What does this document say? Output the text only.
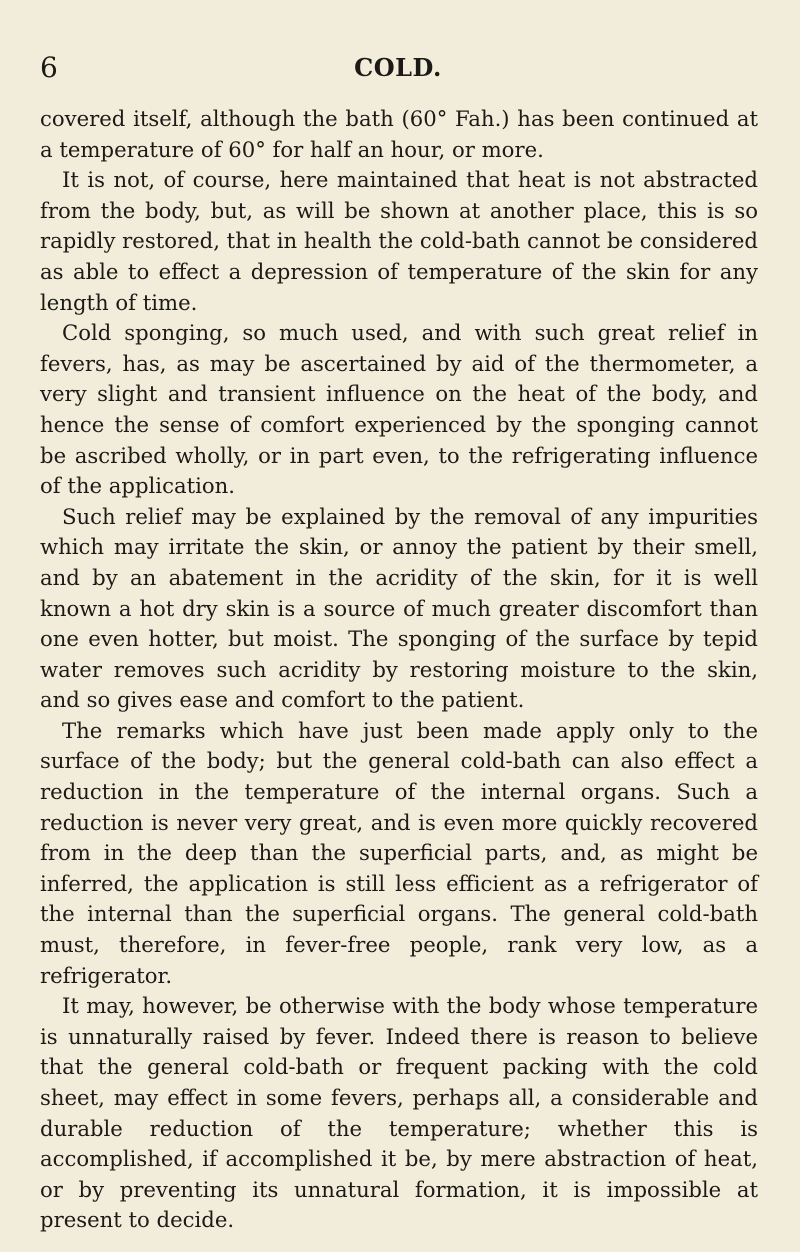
6	COLD.

covered itself, although the bath (60° Fah.) has been continued at a temperature of 60° for half an hour, or more.

It is not, of course, here maintained that heat is not abstracted from the body, but, as will be shown at another place, this is so rapidly restored, that in health the cold-bath cannot be considered as able to effect a depression of temperature of the skin for any length of time.

Cold sponging, so much used, and with such great relief in fevers, has, as may be ascertained by aid of the thermometer, a very slight and transient influence on the heat of the body, and hence the sense of comfort experienced by the sponging cannot be ascribed wholly, or in part even, to the refrigerating influence of the application.

Such relief may be explained by the removal of any impurities which may irritate the skin, or annoy the patient by their smell, and by an abatement in the acridity of the skin, for it is well known a hot dry skin is a source of much greater discomfort than one even hotter, but moist. The sponging of the surface by tepid water removes such acridity by restoring moisture to the skin, and so gives ease and comfort to the patient.

The remarks which have just been made apply only to the surface of the body; but the general cold-bath can also effect a reduction in the temperature of the internal organs. Such a reduction is never very great, and is even more quickly recovered from in the deep than the superficial parts, and, as might be inferred, the application is still less efficient as a refrigerator of the internal than the superficial organs. The general cold-bath must, therefore, in fever-free people, rank very low, as a refrigerator.

It may, however, be otherwise with the body whose temperature is unnaturally raised by fever. Indeed there is reason to believe that the general cold-bath or frequent packing with the cold sheet, may effect in some fevers, perhaps all, a considerable and durable reduction of the temperature; whether this is accomplished, if accomplished it be, by mere abstraction of heat, or by preventing its unnatural formation, it is impossible at present to decide.
